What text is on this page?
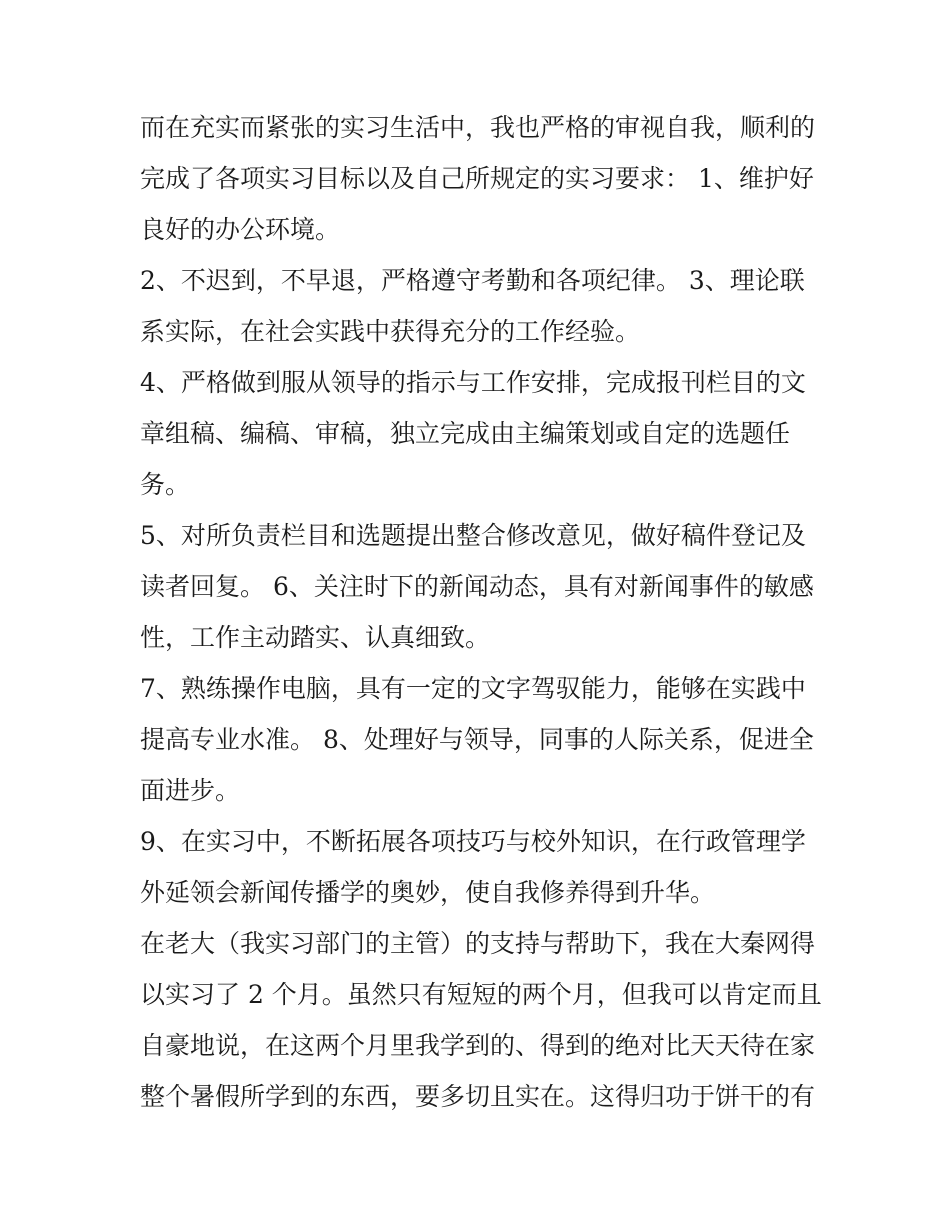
而在充实而紧张的实习生活中，我也严格的审视自我，顺利的
完成了各项实习目标以及自己所规定的实习要求： 1、维护好
良好的办公环境。
2、不迟到，不早退，严格遵守考勤和各项纪律。 3、理论联
系实际，在社会实践中获得充分的工作经验。
4、严格做到服从领导的指示与工作安排，完成报刊栏目的文
章组稿、编稿、审稿，独立完成由主编策划或自定的选题任
务。
5、对所负责栏目和选题提出整合修改意见，做好稿件登记及
读者回复。 6、关注时下的新闻动态，具有对新闻事件的敏感
性，工作主动踏实、认真细致。
7、熟练操作电脑，具有一定的文字驾驭能力，能够在实践中
提高专业水准。 8、处理好与领导，同事的人际关系，促进全
面进步。
9、在实习中，不断拓展各项技巧与校外知识，在行政管理学
外延领会新闻传播学的奥妙，使自我修养得到升华。
在老大（我实习部门的主管）的支持与帮助下，我在大秦网得
以实习了 2 个月。虽然只有短短的两个月，但我可以肯定而且
自豪地说，在这两个月里我学到的、得到的绝对比天天待在家
整个暑假所学到的东西，要多切且实在。这得归功于饼干的有
